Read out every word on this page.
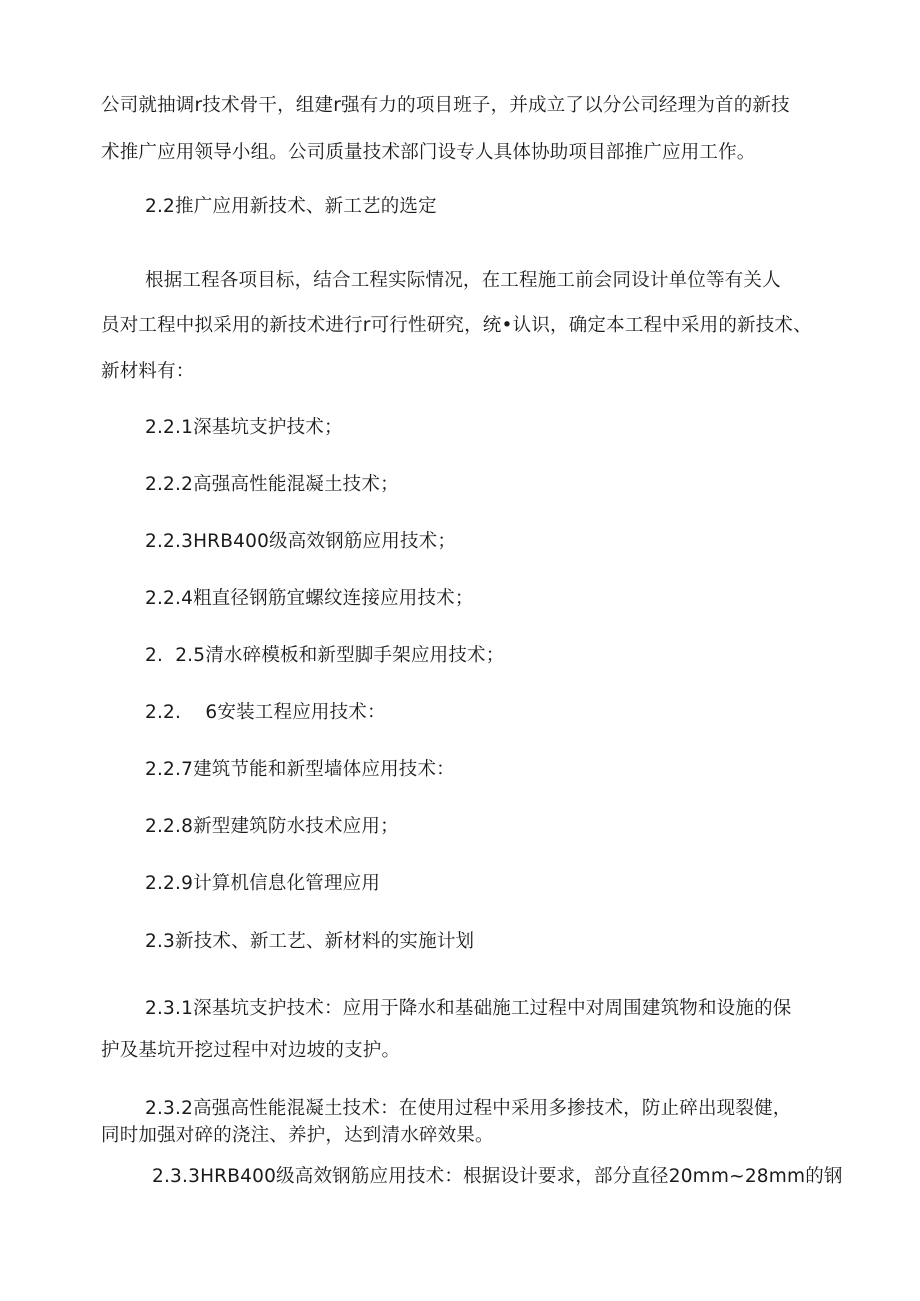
公司就抽调r技术骨干，组建r强有力的项目班子，并成立了以分公司经理为首的新技
术推广应用领导小组。公司质量技术部门设专人具体协助项目部推广应用工作。
2.2推广应用新技术、新工艺的选定
根据工程各项目标，结合工程实际情况，在工程施工前会同设计单位等有关人
员对工程中拟采用的新技术进行r可行性研究，统•认识，确定本工程中采用的新技术、
新材料有：
2.2.1深基坑支护技术；
2.2.2高强高性能混凝土技术；
2.2.3HRB400级高效钢筋应用技术；
2.2.4粗直径钢筋宜螺纹连接应用技术；
2.  2.5清水碎模板和新型脚手架应用技术；
2.2.    6安装工程应用技术：
2.2.7建筑节能和新型墙体应用技术：
2.2.8新型建筑防水技术应用；
2.2.9计算机信息化管理应用
2.3新技术、新工艺、新材料的实施计划
2.3.1深基坑支护技术：应用于降水和基础施工过程中对周围建筑物和设施的保
护及基坑开挖过程中对边坡的支护。
2.3.2高强高性能混凝土技术：在使用过程中采用多掺技术，防止碎出现裂健，
同时加强对碎的浇注、养护，达到清水碎效果。
2.3.3HRB400级高效钢筋应用技术：根据设计要求，部分直径20mm~28mm的钢
